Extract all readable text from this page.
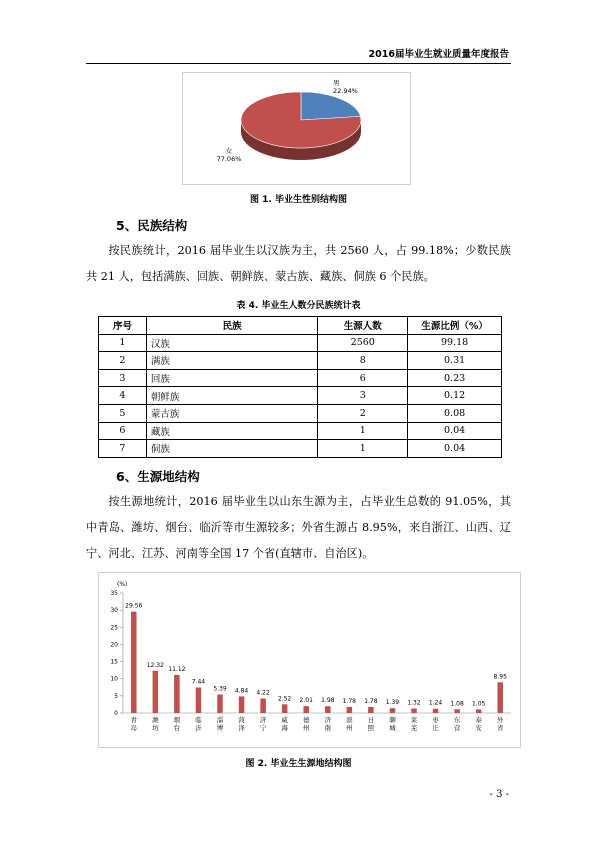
2016届毕业生就业质量年度报告
男
22.94%
女
77.06%
图 1. 毕业生性别结构图
5、民族结构
按民族统计，2016 届毕业生以汉族为主，共 2560 人，占 99.18%；少数民族共 21 人，包括满族、回族、朝鲜族、蒙古族、藏族、侗族 6 个民族。
表 4. 毕业生人数分民族统计表
序号	民族	生源人数	生源比例（%）
1	汉族	2560	99.18
2	满族	8	0.31
3	回族	6	0.23
4	朝鲜族	3	0.12
5	蒙古族	2	0.08
6	藏族	1	0.04
7	侗族	1	0.04
6、生源地结构
按生源地统计，2016 届毕业生以山东生源为主，占毕业生总数的 91.05%，其中青岛、潍坊、烟台、临沂等市生源较多；外省生源占 8.95%，来自浙江、山西、辽宁、河北、江苏、河南等全国 17 个省(直辖市、自治区)。
(%)
0
5
10
15
20
25
30
35
29.56
青
岛
12.32
潍
坊
11.12
烟
台
7.44
临
沂
5.39
淄
博
4.84
菏
泽
4.22
济
宁
2.52
威
海
2.01
德
州
1.98
济
南
1.78
滨
州
1.78
日
照
1.39
聊
城
1.32
莱
芜
1.24
枣
庄
1.08
东
营
1.05
泰
安
8.95
外
省
图 2. 毕业生生源地结构图
- 3 -
